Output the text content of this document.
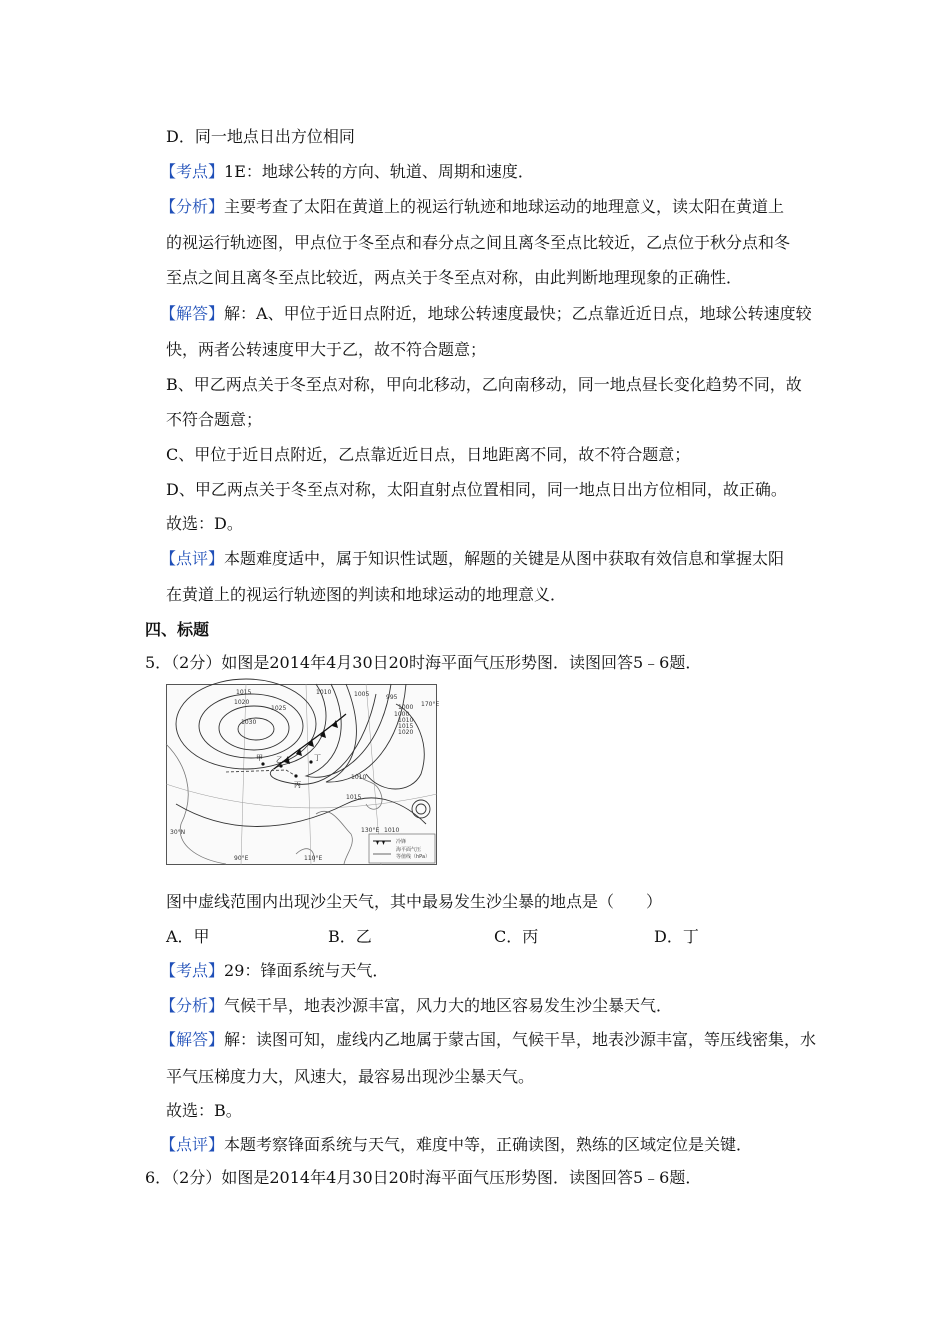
D．同一地点日出方位相同
【考点】1E：地球公转的方向、轨道、周期和速度．
【分析】主要考查了太阳在黄道上的视运行轨迹和地球运动的地理意义，读太阳在黄道上
的视运行轨迹图，甲点位于冬至点和春分点之间且离冬至点比较近，乙点位于秋分点和冬
至点之间且离冬至点比较近，两点关于冬至点对称，由此判断地理现象的正确性．
【解答】解：A、甲位于近日点附近，地球公转速度最快；乙点靠近近日点，地球公转速度较
快，两者公转速度甲大于乙，故不符合题意；
B、甲乙两点关于冬至点对称，甲向北移动，乙向南移动，同一地点昼长变化趋势不同，故
不符合题意；
C、甲位于近日点附近，乙点靠近近日点，日地距离不同，故不符合题意；
D、甲乙两点关于冬至点对称，太阳直射点位置相同，同一地点日出方位相同，故正确。
故选：D。
【点评】本题难度适中，属于知识性试题，解题的关键是从图中获取有效信息和掌握太阳
在黄道上的视运行轨迹图的判读和地球运动的地理意义．
四、标题
5．（2分）如图是2014年4月30日20时海平面气压形势图．读图回答5﹣6题．
1015
1020
1025
1030
1010	1005
1000
995
1000
1010
1015
1020
1010
1015
1010
甲 乙
丙
丁
90°E	110°E
130°E
170°E
30°N
冷锋
海平面气压
等值线（hPa）
图中虚线范围内出现沙尘天气，其中最易发生沙尘暴的地点是（　　）
A．甲	B．乙	C．丙	D．丁
【考点】29：锋面系统与天气．
【分析】气候干旱，地表沙源丰富，风力大的地区容易发生沙尘暴天气．
【解答】解：读图可知，虚线内乙地属于蒙古国，气候干旱，地表沙源丰富，等压线密集，水
平气压梯度力大，风速大，最容易出现沙尘暴天气。
故选：B。
【点评】本题考察锋面系统与天气，难度中等，正确读图，熟练的区域定位是关键．
6．（2分）如图是2014年4月30日20时海平面气压形势图．读图回答5﹣6题．
